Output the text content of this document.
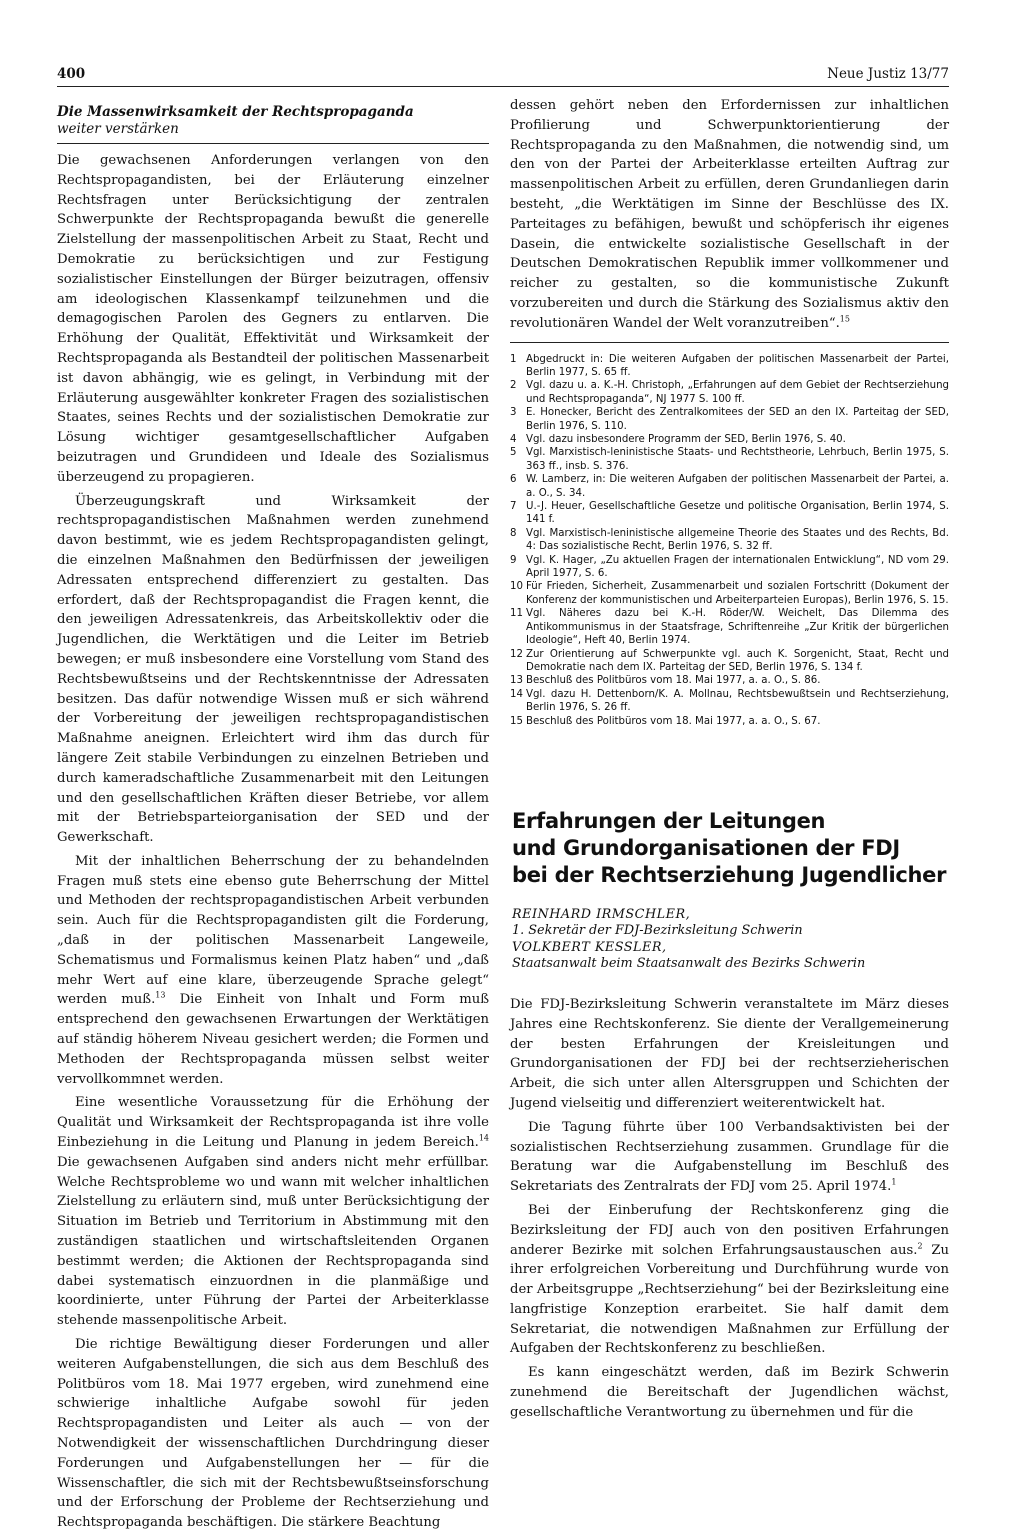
400	Neue Justiz 13/77
Die Massenwirksamkeit der Rechtspropaganda
weiter verstärken

Die gewachsenen Anforderungen verlangen von den Rechtspropagandisten, bei der Erläuterung einzelner Rechtsfragen unter Berücksichtigung der zentralen Schwerpunkte der Rechtspropaganda bewußt die generelle Zielstellung der massenpolitischen Arbeit zu Staat, Recht und Demokratie zu berücksichtigen und zur Festigung sozialistischer Einstellungen der Bürger beizutragen, offensiv am ideologischen Klassenkampf teilzunehmen und die demagogischen Parolen des Gegners zu entlarven. Die Erhöhung der Qualität, Effektivität und Wirksamkeit der Rechtspropaganda als Bestandteil der politischen Massenarbeit ist davon abhängig, wie es gelingt, in Verbindung mit der Erläuterung ausgewählter konkreter Fragen des sozialistischen Staates, seines Rechts und der sozialistischen Demokratie zur Lösung wichtiger gesamtgesellschaftlicher Aufgaben beizutragen und Grundideen und Ideale des Sozialismus überzeugend zu propagieren.

Überzeugungskraft und Wirksamkeit der rechtspropagandistischen Maßnahmen werden zunehmend davon bestimmt, wie es jedem Rechtspropagandisten gelingt, die einzelnen Maßnahmen den Bedürfnissen der jeweiligen Adressaten entsprechend differenziert zu gestalten. Das erfordert, daß der Rechtspropagandist die Fragen kennt, die den jeweiligen Adressatenkreis, das Arbeitskollektiv oder die Jugendlichen, die Werktätigen und die Leiter im Betrieb bewegen; er muß insbesondere eine Vorstellung vom Stand des Rechtsbewußtseins und der Rechtskenntnisse der Adressaten besitzen. Das dafür notwendige Wissen muß er sich während der Vorbereitung der jeweiligen rechtspropagandistischen Maßnahme aneignen. Erleichtert wird ihm das durch für längere Zeit stabile Verbindungen zu einzelnen Betrieben und durch kameradschaftliche Zusammenarbeit mit den Leitungen und den gesellschaftlichen Kräften dieser Betriebe, vor allem mit der Betriebsparteiorganisation der SED und der Gewerkschaft.

Mit der inhaltlichen Beherrschung der zu behandelnden Fragen muß stets eine ebenso gute Beherrschung der Mittel und Methoden der rechtspropagandistischen Arbeit verbunden sein. Auch für die Rechtspropagandisten gilt die Forderung, „daß in der politischen Massenarbeit Langeweile, Schematismus und Formalismus keinen Platz haben“ und „daß mehr Wert auf eine klare, überzeugende Sprache gelegt“ werden muß.$^{13}$ Die Einheit von Inhalt und Form muß entsprechend den gewachsenen Erwartungen der Werktätigen auf ständig höherem Niveau gesichert werden; die Formen und Methoden der Rechtspropaganda müssen selbst weiter vervollkommnet werden.

Eine wesentliche Voraussetzung für die Erhöhung der Qualität und Wirksamkeit der Rechtspropaganda ist ihre volle Einbeziehung in die Leitung und Planung in jedem Bereich.$^{14}$ Die gewachsenen Aufgaben sind anders nicht mehr erfüllbar. Welche Rechtsprobleme wo und wann mit welcher inhaltlichen Zielstellung zu erläutern sind, muß unter Berücksichtigung der Situation im Betrieb und Territorium in Abstimmung mit den zuständigen staatlichen und wirtschaftsleitenden Organen bestimmt werden; die Aktionen der Rechtspropaganda sind dabei systematisch einzuordnen in die planmäßige und koordinierte, unter Führung der Partei der Arbeiterklasse stehende massenpolitische Arbeit.

Die richtige Bewältigung dieser Forderungen und aller weiteren Aufgabenstellungen, die sich aus dem Beschluß des Politbüros vom 18. Mai 1977 ergeben, wird zunehmend eine schwierige inhaltliche Aufgabe sowohl für jeden Rechtspropagandisten und Leiter als auch — von der Notwendigkeit der wissenschaftlichen Durchdringung dieser Forderungen und Aufgabenstellungen her — für die Wissenschaftler, die sich mit der Rechtsbewußtseinsforschung und der Erforschung der Probleme der Rechtserziehung und Rechtspropaganda beschäftigen. Die stärkere Beachtung

dessen gehört neben den Erfordernissen zur inhaltlichen Profilierung und Schwerpunktorientierung der Rechtspropaganda zu den Maßnahmen, die notwendig sind, um den von der Partei der Arbeiterklasse erteilten Auftrag zur massenpolitischen Arbeit zu erfüllen, deren Grundanliegen darin besteht, „die Werktätigen im Sinne der Beschlüsse des IX. Parteitages zu befähigen, bewußt und schöpferisch ihr eigenes Dasein, die entwickelte sozialistische Gesellschaft in der Deutschen Demokratischen Republik immer vollkommener und reicher zu gestalten, so die kommunistische Zukunft vorzubereiten und durch die Stärkung des Sozialismus aktiv den revolutionären Wandel der Welt voranzutreiben“.$^{15}$

1 Abgedruckt in: Die weiteren Aufgaben der politischen Massenarbeit der Partei, Berlin 1977, S. 65 ff.
2 Vgl. dazu u. a. K.-H. Christoph, „Erfahrungen auf dem Gebiet der Rechtserziehung und Rechtspropaganda“, NJ 1977 S. 100 ff.
3 E. Honecker, Bericht des Zentralkomitees der SED an den IX. Parteitag der SED, Berlin 1976, S. 110.
4 Vgl. dazu insbesondere Programm der SED, Berlin 1976, S. 40.
5 Vgl. Marxistisch-leninistische Staats- und Rechtstheorie, Lehrbuch, Berlin 1975, S. 363 ff., insb. S. 376.
6 W. Lamberz, in: Die weiteren Aufgaben der politischen Massenarbeit der Partei, a. a. O., S. 34.
7 U.-J. Heuer, Gesellschaftliche Gesetze und politische Organisation, Berlin 1974, S. 141 f.
8 Vgl. Marxistisch-leninistische allgemeine Theorie des Staates und des Rechts, Bd. 4: Das sozialistische Recht, Berlin 1976, S. 32 ff.
9 Vgl. K. Hager, „Zu aktuellen Fragen der internationalen Entwicklung“, ND vom 29. April 1977, S. 6.
10 Für Frieden, Sicherheit, Zusammenarbeit und sozialen Fortschritt (Dokument der Konferenz der kommunistischen und Arbeiterparteien Europas), Berlin 1976, S. 15.
11 Vgl. Näheres dazu bei K.-H. Röder/W. Weichelt, Das Dilemma des Antikommunismus in der Staatsfrage, Schriftenreihe „Zur Kritik der bürgerlichen Ideologie“, Heft 40, Berlin 1974.
12 Zur Orientierung auf Schwerpunkte vgl. auch K. Sorgenicht, Staat, Recht und Demokratie nach dem IX. Parteitag der SED, Berlin 1976, S. 134 f.
13 Beschluß des Politbüros vom 18. Mai 1977, a. a. O., S. 86.
14 Vgl. dazu H. Dettenborn/K. A. Mollnau, Rechtsbewußtsein und Rechtserziehung, Berlin 1976, S. 26 ff.
15 Beschluß des Politbüros vom 18. Mai 1977, a. a. O., S. 67.
Erfahrungen der Leitungen
und Grundorganisationen der FDJ
bei der Rechtserziehung Jugendlicher
REINHARD IRMSCHLER,
1. Sekretär der FDJ-Bezirksleitung Schwerin
VOLKBERT KESSLER,
Staatsanwalt beim Staatsanwalt des Bezirks Schwerin

Die FDJ-Bezirksleitung Schwerin veranstaltete im März dieses Jahres eine Rechtskonferenz. Sie diente der Verallgemeinerung der besten Erfahrungen der Kreisleitungen und Grundorganisationen der FDJ bei der rechtserzieherischen Arbeit, die sich unter allen Altersgruppen und Schichten der Jugend vielseitig und differenziert weiterentwickelt hat.

Die Tagung führte über 100 Verbandsaktivisten bei der sozialistischen Rechtserziehung zusammen. Grundlage für die Beratung war die Aufgabenstellung im Beschluß des Sekretariats des Zentralrats der FDJ vom 25. April 1974.$^1$

Bei der Einberufung der Rechtskonferenz ging die Bezirksleitung der FDJ auch von den positiven Erfahrungen anderer Bezirke mit solchen Erfahrungsaustauschen aus.$^2$ Zu ihrer erfolgreichen Vorbereitung und Durchführung wurde von der Arbeitsgruppe „Rechtserziehung“ bei der Bezirksleitung eine langfristige Konzeption erarbeitet. Sie half damit dem Sekretariat, die notwendigen Maßnahmen zur Erfüllung der Aufgaben der Rechtskonferenz zu beschließen.

Es kann eingeschätzt werden, daß im Bezirk Schwerin zunehmend die Bereitschaft der Jugendlichen wächst, gesellschaftliche Verantwortung zu übernehmen und für die
